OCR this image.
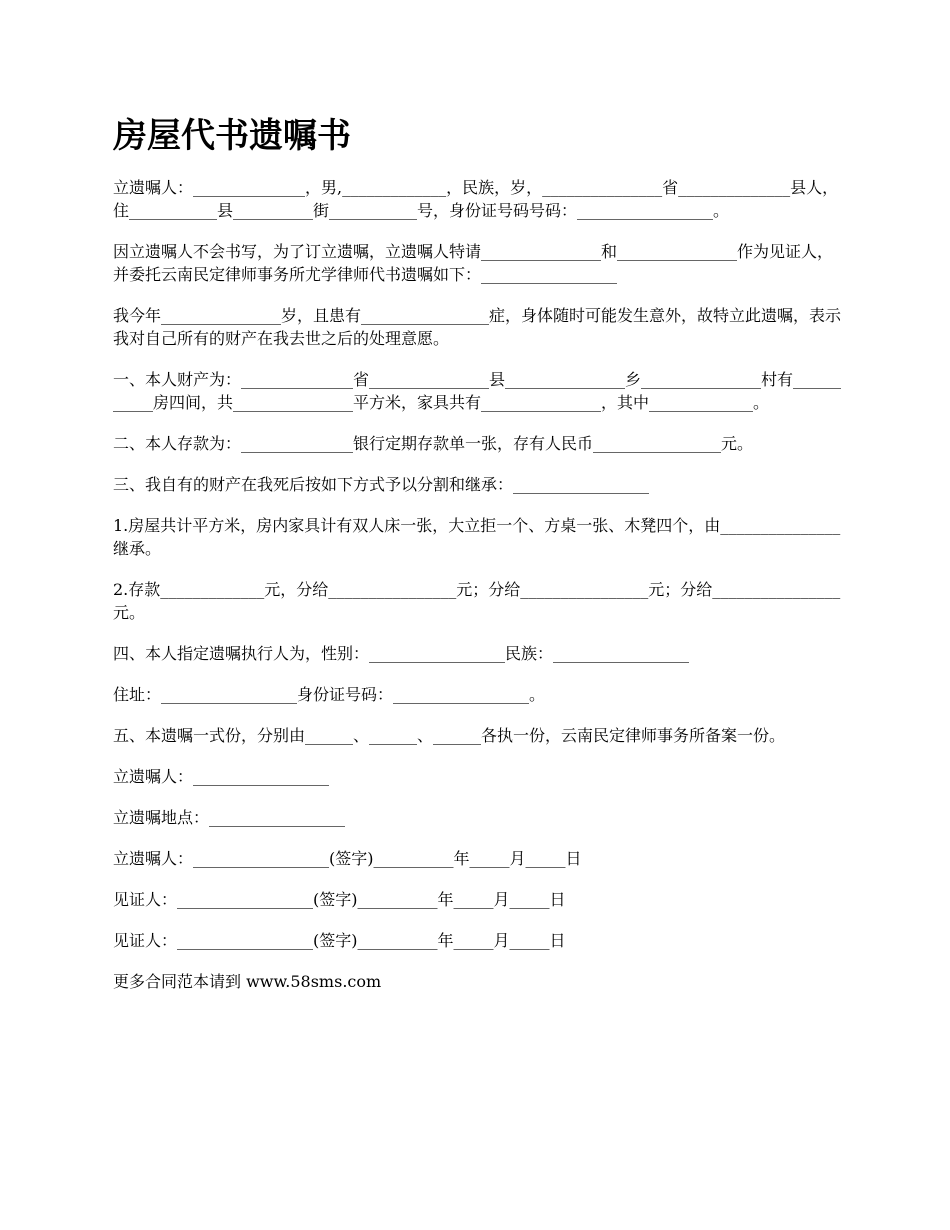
房屋代书遗嘱书

立遗嘱人：______________，男,_____________，民族，岁，_______________省______________县人，住___________县__________街___________号，身份证号码号码：_________________。

因立遗嘱人不会书写，为了订立遗嘱，立遗嘱人特请_______________和_______________作为见证人，并委托云南民定律师事务所尤学律师代书遗嘱如下：_________________

我今年_______________岁，且患有________________症，身体随时可能发生意外，故特立此遗嘱，表示我对自己所有的财产在我去世之后的处理意愿。

一、本人财产为：______________省_______________县_______________乡_______________村有___________房四间，共_______________平方米，家具共有_______________，其中_____________。

二、本人存款为：______________银行定期存款单一张，存有人民币________________元。

三、我自有的财产在我死后按如下方式予以分割和继承：_________________

1.房屋共计平方米，房内家具计有双人床一张，大立拒一个、方桌一张、木凳四个，由_______________继承。

2.存款_____________元，分给________________元；分给________________元；分给________________元。

四、本人指定遗嘱执行人为，性别：_________________民族：_________________

住址：_________________身份证号码：_________________。

五、本遗嘱一式份，分别由______、______、______各执一份，云南民定律师事务所备案一份。

立遗嘱人：_________________

立遗嘱地点：_________________

立遗嘱人：_________________(签字)__________年_____月_____日

见证人：_________________(签字)__________年_____月_____日

见证人：_________________(签字)__________年_____月_____日

更多合同范本请到 www.58sms.com
